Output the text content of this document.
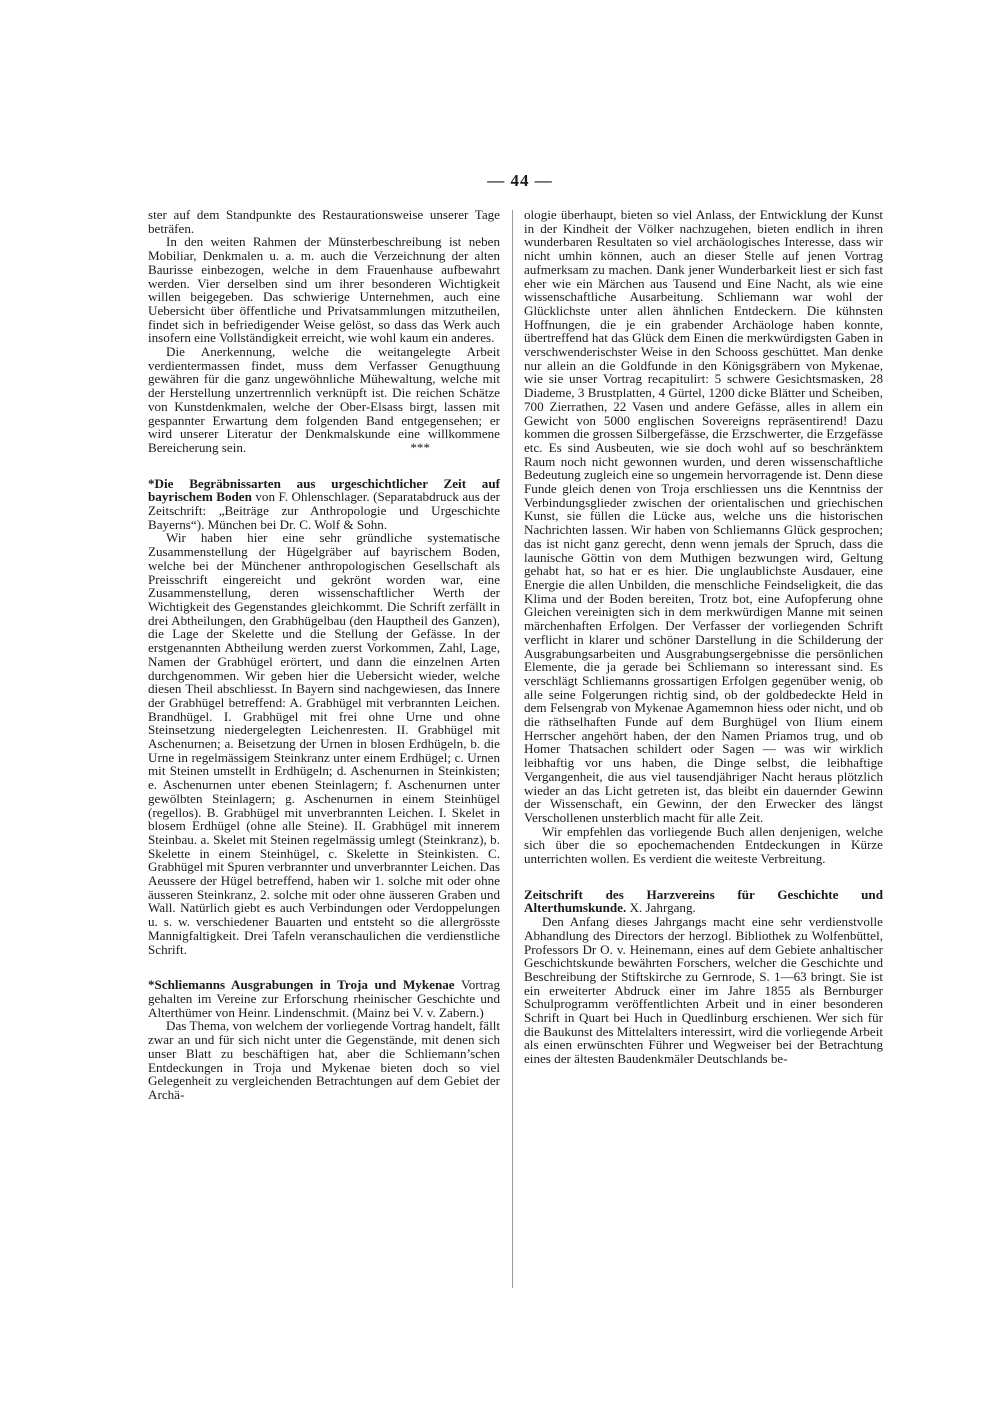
— 44 —

ster auf dem Standpunkte des Restaurationsweise unserer Tage beträfen.

In den weiten Rahmen der Münsterbeschreibung ist neben Mobiliar, Denkmalen u. a. m. auch die Verzeichnung der alten Baurisse einbezogen, welche in dem Frauenhause aufbewahrt werden. Vier derselben sind um ihrer besonderen Wichtigkeit willen beigegeben. Das schwierige Unternehmen, auch eine Uebersicht über öffentliche und Privatsammlungen mitzutheilen, findet sich in befriedigender Weise gelöst, so dass das Werk auch insofern eine Vollständigkeit erreicht, wie wohl kaum ein anderes.

Die Anerkennung, welche die weitangelegte Arbeit verdientermassen findet, muss dem Verfasser Genugthuung gewähren für die ganz ungewöhnliche Mühewaltung, welche mit der Herstellung unzertrennlich verknüpft ist. Die reichen Schätze von Kunstdenkmalen, welche der Ober-Elsass birgt, lassen mit gespannter Erwartung dem folgenden Band entgegensehen; er wird unserer Literatur der Denkmalskunde eine willkommene Bereicherung sein.	***

*Die Begräbnissarten aus urgeschichtlicher Zeit auf bayrischem Boden von F. Ohlenschlager. (Separatabdruck aus der Zeitschrift: „Beiträge zur Anthropologie und Urgeschichte Bayerns“). München bei Dr. C. Wolf & Sohn.

Wir haben hier eine sehr gründliche systematische Zusammenstellung der Hügelgräber auf bayrischem Boden, welche bei der Münchener anthropologischen Gesellschaft als Preisschrift eingereicht und gekrönt worden war, eine Zusammenstellung, deren wissenschaftlicher Werth der Wichtigkeit des Gegenstandes gleichkommt. Die Schrift zerfällt in drei Abtheilungen, den Grabhügelbau (den Hauptheil des Ganzen), die Lage der Skelette und die Stellung der Gefässe. In der erstgenannten Abtheilung werden zuerst Vorkommen, Zahl, Lage, Namen der Grabhügel erörtert, und dann die einzelnen Arten durchgenommen. Wir geben hier die Uebersicht wieder, welche diesen Theil abschliesst. In Bayern sind nachgewiesen, das Innere der Grabhügel betreffend: A. Grabhügel mit verbrannten Leichen. Brandhügel. I. Grabhügel mit frei ohne Urne und ohne Steinsetzung niedergelegten Leichenresten. II. Grabhügel mit Aschenurnen; a. Beisetzung der Urnen in blosen Erdhügeln, b. die Urne in regelmässigem Steinkranz unter einem Erdhügel; c. Urnen mit Steinen umstellt in Erdhügeln; d. Aschenurnen in Steinkisten; e. Aschenurnen unter ebenen Steinlagern; f. Aschenurnen unter gewölbten Steinlagern; g. Aschenurnen in einem Steinhügel (regellos). B. Grabhügel mit unverbrannten Leichen. I. Skelet in blosem Erdhügel (ohne alle Steine). II. Grabhügel mit innerem Steinbau. a. Skelet mit Steinen regelmässig umlegt (Steinkranz), b. Skelette in einem Steinhügel, c. Skelette in Steinkisten. C. Grabhügel mit Spuren verbrannter und unverbrannter Leichen. Das Aeussere der Hügel betreffend, haben wir 1. solche mit oder ohne äusseren Steinkranz, 2. solche mit oder ohne äusseren Graben und Wall. Natürlich giebt es auch Verbindungen oder Verdoppelungen u. s. w. verschiedener Bauarten und entsteht so die allergrösste Mannigfaltigkeit. Drei Tafeln veranschaulichen die verdienstliche Schrift.

*Schliemanns Ausgrabungen in Troja und Mykenae Vortrag gehalten im Vereine zur Erforschung rheinischer Geschichte und Alterthümer von Heinr. Lindenschmit. (Mainz bei V. v. Zabern.)

Das Thema, von welchem der vorliegende Vortrag handelt, fällt zwar an und für sich nicht unter die Gegenstände, mit denen sich unser Blatt zu beschäftigen hat, aber die Schliemann’schen Entdeckungen in Troja und Mykenae bieten doch so viel Gelegenheit zu vergleichenden Betrachtungen auf dem Gebiet der Archä-

ologie überhaupt, bieten so viel Anlass, der Entwicklung der Kunst in der Kindheit der Völker nachzugehen, bieten endlich in ihren wunderbaren Resultaten so viel archäologisches Interesse, dass wir nicht umhin können, auch an dieser Stelle auf jenen Vortrag aufmerksam zu machen. Dank jener Wunderbarkeit liest er sich fast eher wie ein Märchen aus Tausend und Eine Nacht, als wie eine wissenschaftliche Ausarbeitung. Schliemann war wohl der Glücklichste unter allen ähnlichen Entdeckern. Die kühnsten Hoffnungen, die je ein grabender Archäologe haben konnte, übertreffend hat das Glück dem Einen die merkwürdigsten Gaben in verschwenderischster Weise in den Schooss geschüttet. Man denke nur allein an die Goldfunde in den Königsgräbern von Mykenae, wie sie unser Vortrag recapitulirt: 5 schwere Gesichtsmasken, 28 Diademe, 3 Brustplatten, 4 Gürtel, 1200 dicke Blätter und Scheiben, 700 Zierrathen, 22 Vasen und andere Gefässe, alles in allem ein Gewicht von 5000 englischen Sovereigns repräsentirend! Dazu kommen die grossen Silbergefässe, die Erzschwerter, die Erzgefässe etc. Es sind Ausbeuten, wie sie doch wohl auf so beschränktem Raum noch nicht gewonnen wurden, und deren wissenschaftliche Bedeutung zugleich eine so ungemein hervorragende ist. Denn diese Funde gleich denen von Troja erschliessen uns die Kenntniss der Verbindungsglieder zwischen der orientalischen und griechischen Kunst, sie füllen die Lücke aus, welche uns die historischen Nachrichten lassen. Wir haben von Schliemanns Glück gesprochen; das ist nicht ganz gerecht, denn wenn jemals der Spruch, dass die launische Göttin von dem Muthigen bezwungen wird, Geltung gehabt hat, so hat er es hier. Die unglaublichste Ausdauer, eine Energie die allen Unbilden, die menschliche Feindseligkeit, die das Klima und der Boden bereiten, Trotz bot, eine Aufopferung ohne Gleichen vereinigten sich in dem merkwürdigen Manne mit seinen märchenhaften Erfolgen. Der Verfasser der vorliegenden Schrift verflicht in klarer und schöner Darstellung in die Schilderung der Ausgrabungsarbeiten und Ausgrabungsergebnisse die persönlichen Elemente, die ja gerade bei Schliemann so interessant sind. Es verschlägt Schliemanns grossartigen Erfolgen gegenüber wenig, ob alle seine Folgerungen richtig sind, ob der goldbedeckte Held in dem Felsengrab von Mykenae Agamemnon hiess oder nicht, und ob die räthselhaften Funde auf dem Burghügel von Ilium einem Herrscher angehört haben, der den Namen Priamos trug, und ob Homer Thatsachen schildert oder Sagen — was wir wirklich leibhaftig vor uns haben, die Dinge selbst, die leibhaftige Vergangenheit, die aus viel tausendjähriger Nacht heraus plötzlich wieder an das Licht getreten ist, das bleibt ein dauernder Gewinn der Wissenschaft, ein Gewinn, der den Erwecker des längst Verschollenen unsterblich macht für alle Zeit.

Wir empfehlen das vorliegende Buch allen denjenigen, welche sich über die so epochemachenden Entdeckungen in Kürze unterrichten wollen. Es verdient die weiteste Verbreitung.

Zeitschrift des Harzvereins für Geschichte und Alterthumskunde. X. Jahrgang.

Den Anfang dieses Jahrgangs macht eine sehr verdienstvolle Abhandlung des Directors der herzogl. Bibliothek zu Wolfenbüttel, Professors Dr O. v. Heinemann, eines auf dem Gebiete anhaltischer Geschichtskunde bewährten Forschers, welcher die Geschichte und Beschreibung der Stiftskirche zu Gernrode, S. 1—63 bringt. Sie ist ein erweiterter Abdruck einer im Jahre 1855 als Bernburger Schulprogramm veröffentlichten Arbeit und in einer besonderen Schrift in Quart bei Huch in Quedlinburg erschienen. Wer sich für die Baukunst des Mittelalters interessirt, wird die vorliegende Arbeit als einen erwünschten Führer und Wegweiser bei der Betrachtung eines der ältesten Baudenkmäler Deutschlands be-
